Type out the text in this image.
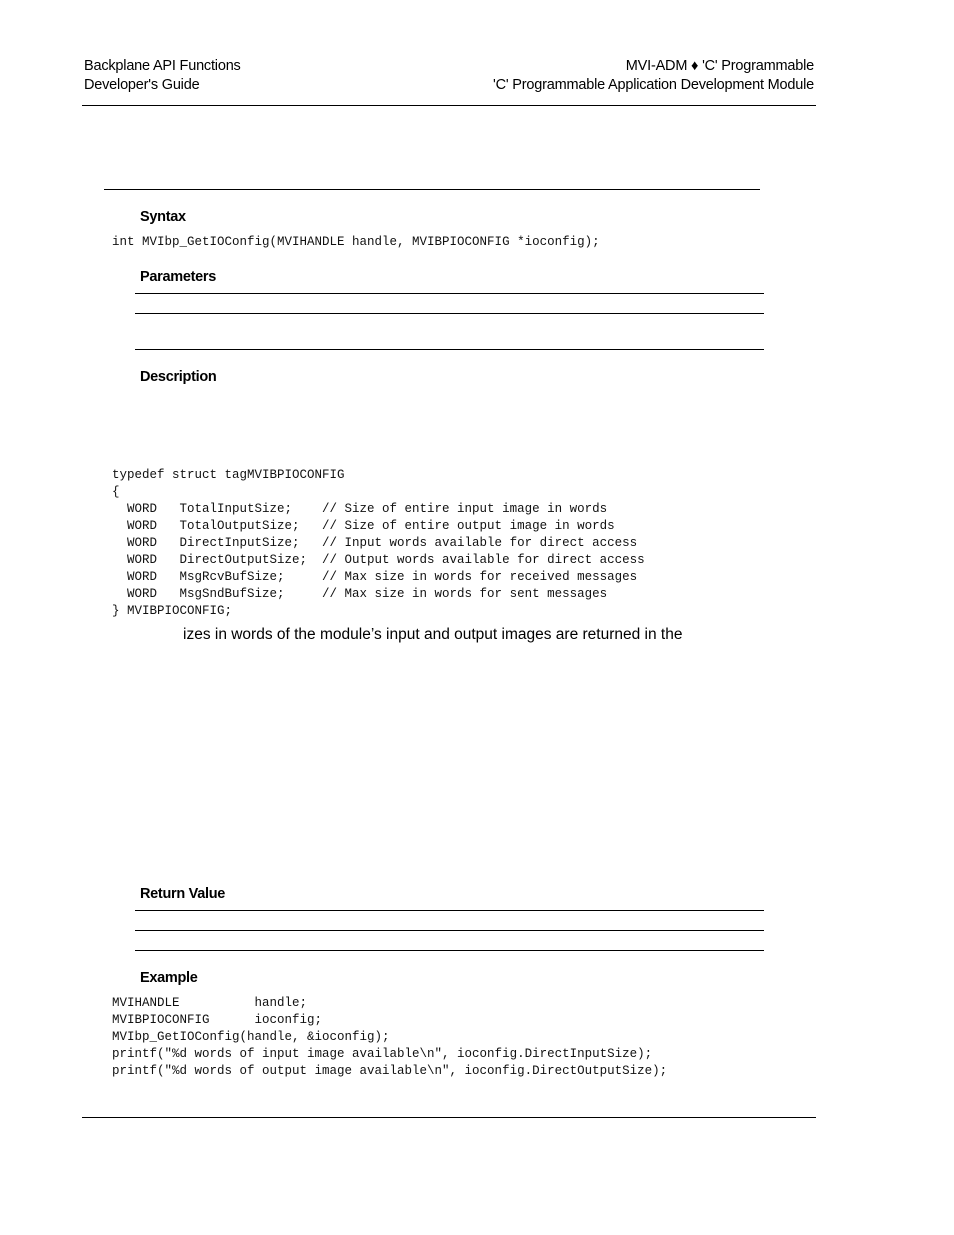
Backplane API Functions
Developer's Guide
MVI-ADM ♦ 'C' Programmable
'C' Programmable Application Development Module
Syntax
int MVIbp_GetIOConfig(MVIHANDLE handle, MVIBPIOCONFIG *ioconfig);
Parameters
Description
typedef struct tagMVIBPIOCONFIG
{
WORD   TotalInputSize;    // Size of entire input image in words
WORD   TotalOutputSize;   // Size of entire output image in words
WORD   DirectInputSize;   // Input words available for direct access
WORD   DirectOutputSize;  // Output words available for direct access
WORD   MsgRcvBufSize;     // Max size in words for received messages
WORD   MsgSndBufSize;     // Max size in words for sent messages
} MVIBPIOCONFIG;
izes in words of the module’s input and output images are returned in the
Return Value
Example
MVIHANDLE          handle;
MVIBPIOCONFIG      ioconfig;
MVIbp_GetIOConfig(handle, &ioconfig);
printf("%d words of input image available\n", ioconfig.DirectInputSize);
printf("%d words of output image available\n", ioconfig.DirectOutputSize);
